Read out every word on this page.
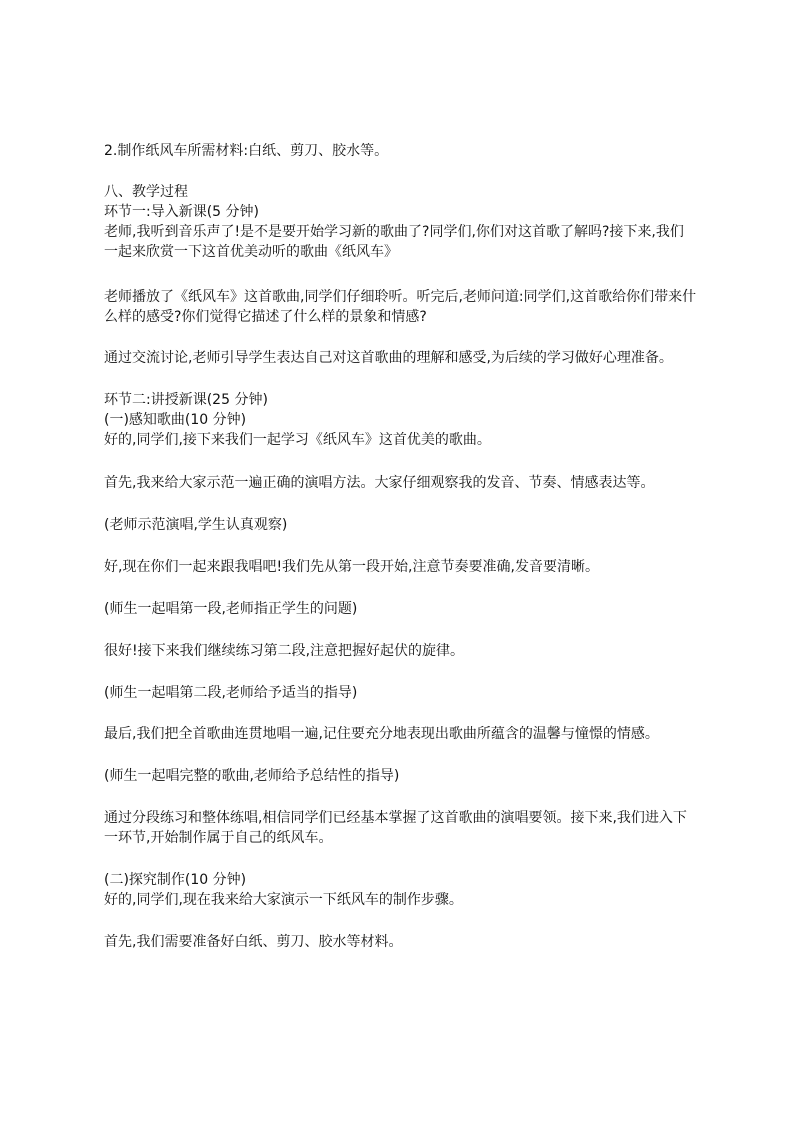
2.制作纸风车所需材料:白纸、剪刀、胶水等。
八、教学过程
环节一:导入新课(5 分钟)
老师,我听到音乐声了!是不是要开始学习新的歌曲了?同学们,你们对这首歌了解吗?接下来,我们
一起来欣赏一下这首优美动听的歌曲《纸风车》
老师播放了《纸风车》这首歌曲,同学们仔细聆听。听完后,老师问道:同学们,这首歌给你们带来什
么样的感受?你们觉得它描述了什么样的景象和情感?
通过交流讨论,老师引导学生表达自己对这首歌曲的理解和感受,为后续的学习做好心理准备。
环节二:讲授新课(25 分钟)
(一)感知歌曲(10 分钟)
好的,同学们,接下来我们一起学习《纸风车》这首优美的歌曲。
首先,我来给大家示范一遍正确的演唱方法。大家仔细观察我的发音、节奏、情感表达等。
(老师示范演唱,学生认真观察)
好,现在你们一起来跟我唱吧!我们先从第一段开始,注意节奏要准确,发音要清晰。
(师生一起唱第一段,老师指正学生的问题)
很好!接下来我们继续练习第二段,注意把握好起伏的旋律。
(师生一起唱第二段,老师给予适当的指导)
最后,我们把全首歌曲连贯地唱一遍,记住要充分地表现出歌曲所蕴含的温馨与憧憬的情感。
(师生一起唱完整的歌曲,老师给予总结性的指导)
通过分段练习和整体练唱,相信同学们已经基本掌握了这首歌曲的演唱要领。接下来,我们进入下
一环节,开始制作属于自己的纸风车。
(二)探究制作(10 分钟)
好的,同学们,现在我来给大家演示一下纸风车的制作步骤。
首先,我们需要准备好白纸、剪刀、胶水等材料。
